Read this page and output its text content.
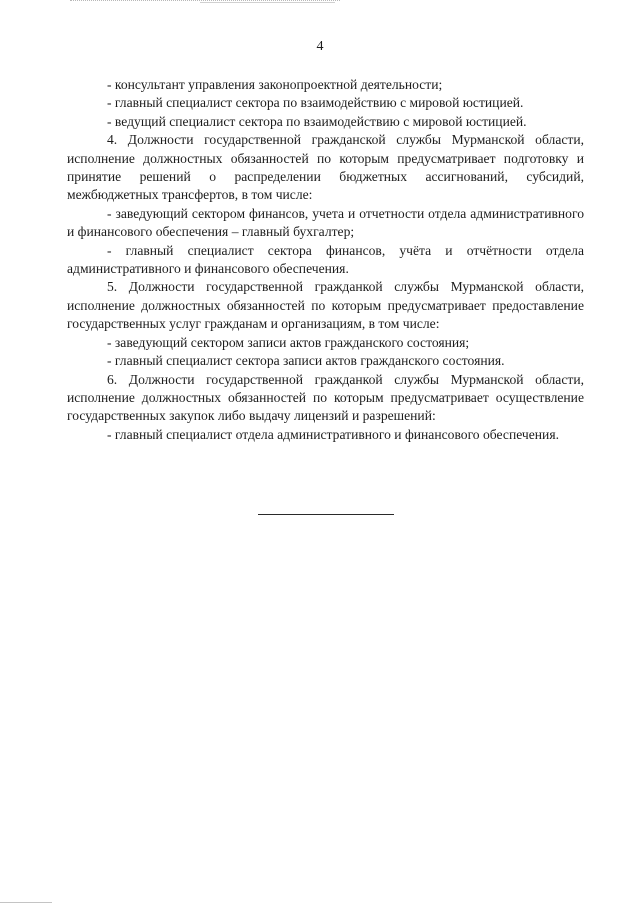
4

- консультант управления законопроектной деятельности;

- главный специалист сектора по взаимодействию с мировой юстицией.

- ведущий специалист сектора по взаимодействию с мировой юстицией.

4. Должности государственной гражданской службы Мурманской области, исполнение должностных обязанностей по которым предусматривает подготовку и принятие решений о распределении бюджетных ассигнований, субсидий, межбюджетных трансфертов, в том числе:

- заведующий сектором финансов, учета и отчетности отдела административного и финансового обеспечения – главный бухгалтер;

- главный специалист сектора финансов, учёта и отчётности отдела административного и финансового обеспечения.

5. Должности государственной гражданкой службы Мурманской области, исполнение должностных обязанностей по которым предусматривает предоставление государственных услуг гражданам и организациям, в том числе:

- заведующий сектором записи актов гражданского состояния;

- главный специалист сектора записи актов гражданского состояния.

6. Должности государственной гражданкой службы Мурманской области, исполнение должностных обязанностей по которым предусматривает осуществление государственных закупок либо выдачу лицензий и разрешений:

- главный специалист отдела административного и финансового обеспечения.
